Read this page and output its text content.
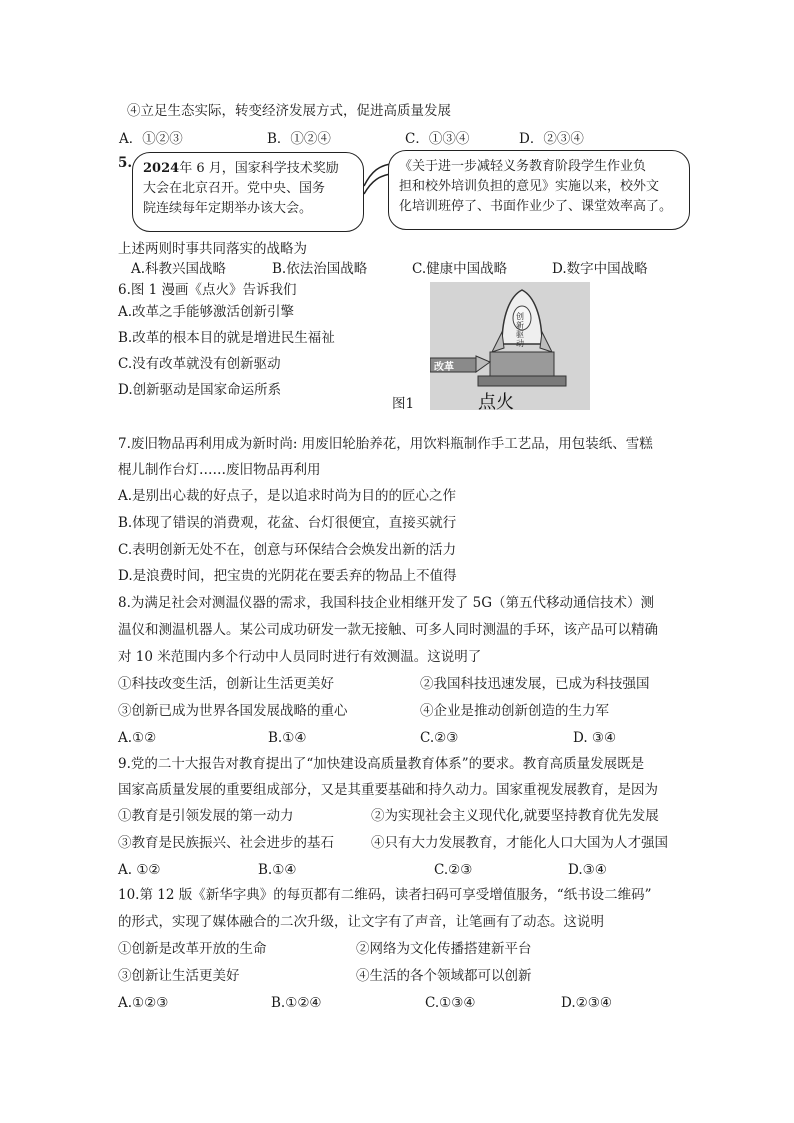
④立足生态实际，转变经济发展方式，促进高质量发展
A．①②③	B．①②④	C．①③④	D．②③④
5. 2024年 6 月，国家科学技术奖励
大会在北京召开。党中央、国务
院连续每年定期举办该大会。
《关于进一步减轻义务教育阶段学生作业负
担和校外培训负担的意见》实施以来，校外文
化培训班停了、书面作业少了、课堂效率高了。
上述两则时事共同落实的战略为
A.科教兴国战略	B.依法治国战略	C.健康中国战略	D.数字中国战略
6.图 1 漫画《点火》告诉我们
A.改革之手能够激活创新引擎
B.改革的根本目的就是增进民生福祉
C.没有改革就没有创新驱动
D.创新驱动是国家命运所系
创新驱动
改革
点火
图1
7.废旧物品再利用成为新时尚: 用废旧轮胎养花，用饮料瓶制作手工艺品，用包装纸、雪糕
棍儿制作台灯……废旧物品再利用
A.是别出心裁的好点子，是以追求时尚为目的的匠心之作
B.体现了错误的消费观，花盆、台灯很便宜，直接买就行
C.表明创新无处不在，创意与环保结合会焕发出新的活力
D.是浪费时间，把宝贵的光阴花在要丢弃的物品上不值得
8.为满足社会对测温仪器的需求，我国科技企业相继开发了 5G（第五代移动通信技术）测
温仪和测温机器人。某公司成功研发一款无接触、可多人同时测温的手环，该产品可以精确
对 10 米范围内多个行动中人员同时进行有效测温。这说明了
①科技改变生活，创新让生活更美好	②我国科技迅速发展，已成为科技强国
③创新已成为世界各国发展战略的重心	④企业是推动创新创造的生力军
A.①②	B.①④	C.②③	D. ③④
9.党的二十大报告对教育提出了“加快建设高质量教育体系”的要求。教育高质量发展既是
国家高质量发展的重要组成部分，又是其重要基础和持久动力。国家重视发展教育，是因为
①教育是引领发展的第一动力	②为实现社会主义现代化,就要坚持教育优先发展
③教育是民族振兴、社会进步的基石	④只有大力发展教育，才能化人口大国为人才强国
A. ①②	B.①④	C.②③	D.③④
10.第 12 版《新华字典》的每页都有二维码，读者扫码可享受增值服务，“纸书设二维码”
的形式，实现了媒体融合的二次升级，让文字有了声音，让笔画有了动态。这说明
①创新是改革开放的生命	②网络为文化传播搭建新平台
③创新让生活更美好	④生活的各个领域都可以创新
A.①②③	B.①②④	C.①③④	D.②③④
